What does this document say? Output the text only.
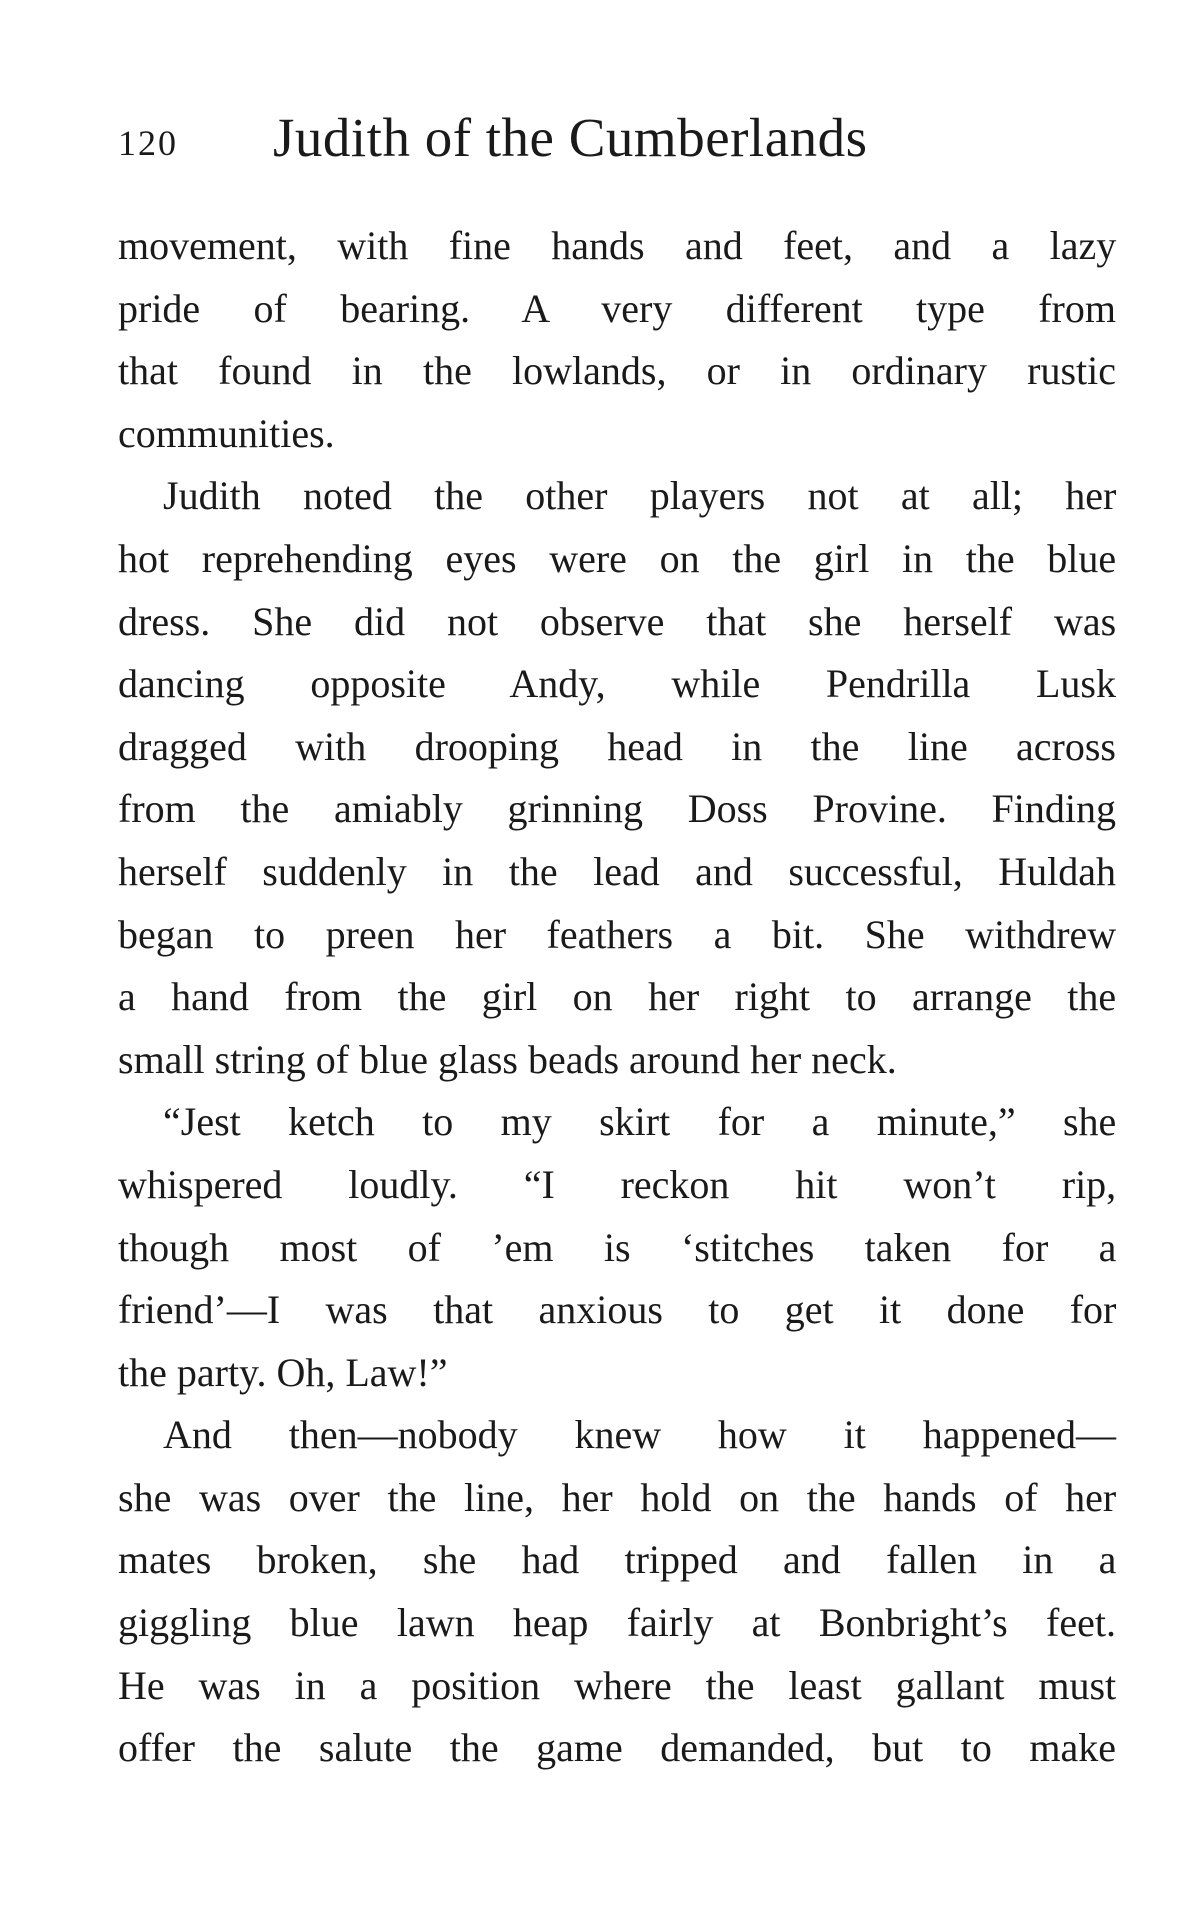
120 Judith of the Cumberlands

movement, with fine hands and feet, and a lazy
pride of bearing. A very different type from
that found in the lowlands, or in ordinary rustic
communities.

Judith noted the other players not at all; her
hot reprehending eyes were on the girl in the blue
dress. She did not observe that she herself was
dancing opposite Andy, while Pendrilla Lusk
dragged with drooping head in the line across
from the amiably grinning Doss Provine. Finding
herself suddenly in the lead and successful, Huldah
began to preen her feathers a bit. She withdrew
a hand from the girl on her right to arrange the
small string of blue glass beads around her neck.

“Jest ketch to my skirt for a minute,” she
whispered loudly. “I reckon hit won’t rip,
though most of ’em is ‘stitches taken for a
friend’—I was that anxious to get it done for
the party. Oh, Law!”

And then—nobody knew how it happened—
she was over the line, her hold on the hands of her
mates broken, she had tripped and fallen in a
giggling blue lawn heap fairly at Bonbright’s feet.
He was in a position where the least gallant must
offer the salute the game demanded, but to make
